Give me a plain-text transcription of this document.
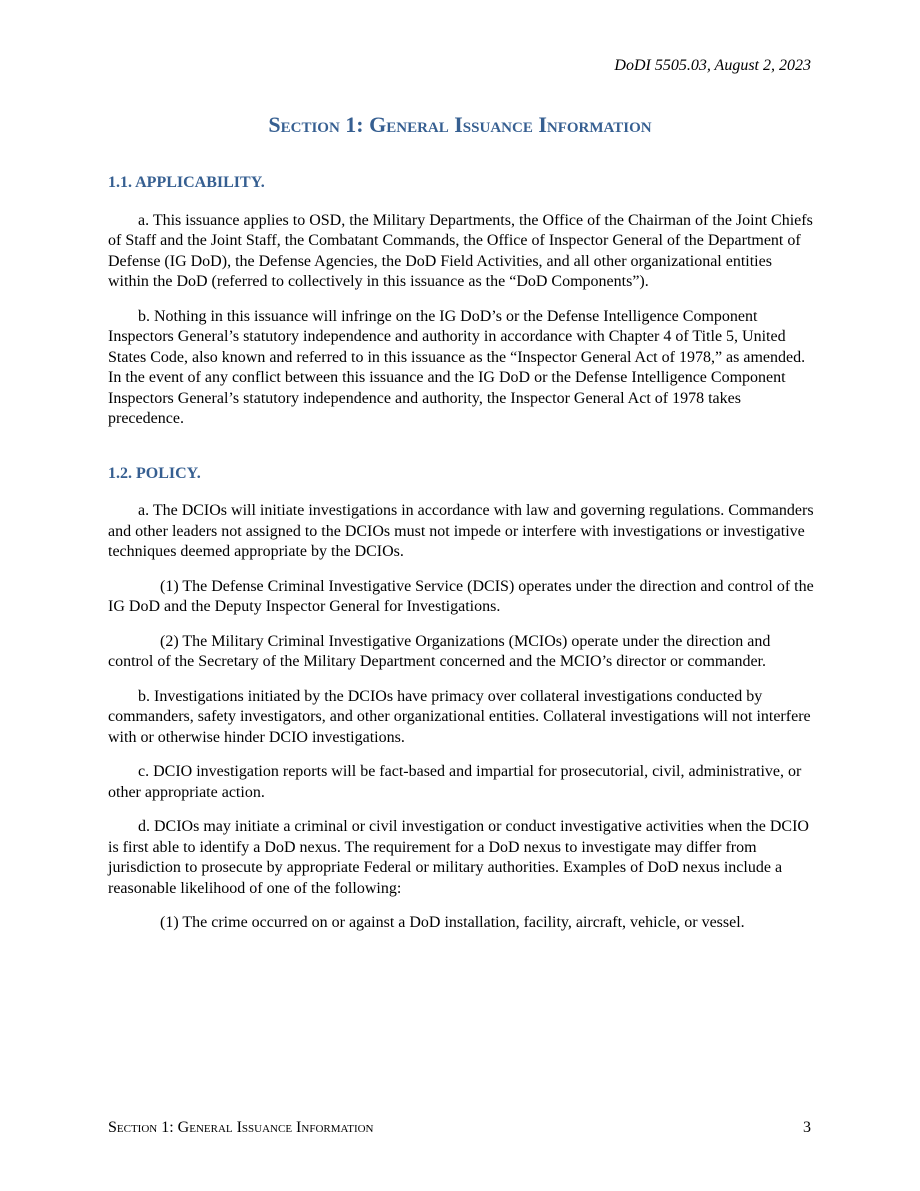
DoDI 5505.03, August 2, 2023
Section 1: General Issuance Information
1.1. APPLICABILITY.

a. This issuance applies to OSD, the Military Departments, the Office of the Chairman of the Joint Chiefs of Staff and the Joint Staff, the Combatant Commands, the Office of Inspector General of the Department of Defense (IG DoD), the Defense Agencies, the DoD Field Activities, and all other organizational entities within the DoD (referred to collectively in this issuance as the “DoD Components”).

b. Nothing in this issuance will infringe on the IG DoD’s or the Defense Intelligence Component Inspectors General’s statutory independence and authority in accordance with Chapter 4 of Title 5, United States Code, also known and referred to in this issuance as the “Inspector General Act of 1978,” as amended. In the event of any conflict between this issuance and the IG DoD or the Defense Intelligence Component Inspectors General’s statutory independence and authority, the Inspector General Act of 1978 takes precedence.

1.2. POLICY.

a. The DCIOs will initiate investigations in accordance with law and governing regulations. Commanders and other leaders not assigned to the DCIOs must not impede or interfere with investigations or investigative techniques deemed appropriate by the DCIOs.

(1) The Defense Criminal Investigative Service (DCIS) operates under the direction and control of the IG DoD and the Deputy Inspector General for Investigations.

(2) The Military Criminal Investigative Organizations (MCIOs) operate under the direction and control of the Secretary of the Military Department concerned and the MCIO’s director or commander.

b. Investigations initiated by the DCIOs have primacy over collateral investigations conducted by commanders, safety investigators, and other organizational entities. Collateral investigations will not interfere with or otherwise hinder DCIO investigations.

c. DCIO investigation reports will be fact-based and impartial for prosecutorial, civil, administrative, or other appropriate action.

d. DCIOs may initiate a criminal or civil investigation or conduct investigative activities when the DCIO is first able to identify a DoD nexus. The requirement for a DoD nexus to investigate may differ from jurisdiction to prosecute by appropriate Federal or military authorities. Examples of DoD nexus include a reasonable likelihood of one of the following:

(1) The crime occurred on or against a DoD installation, facility, aircraft, vehicle, or vessel.

Section 1: General Issuance Information	3
